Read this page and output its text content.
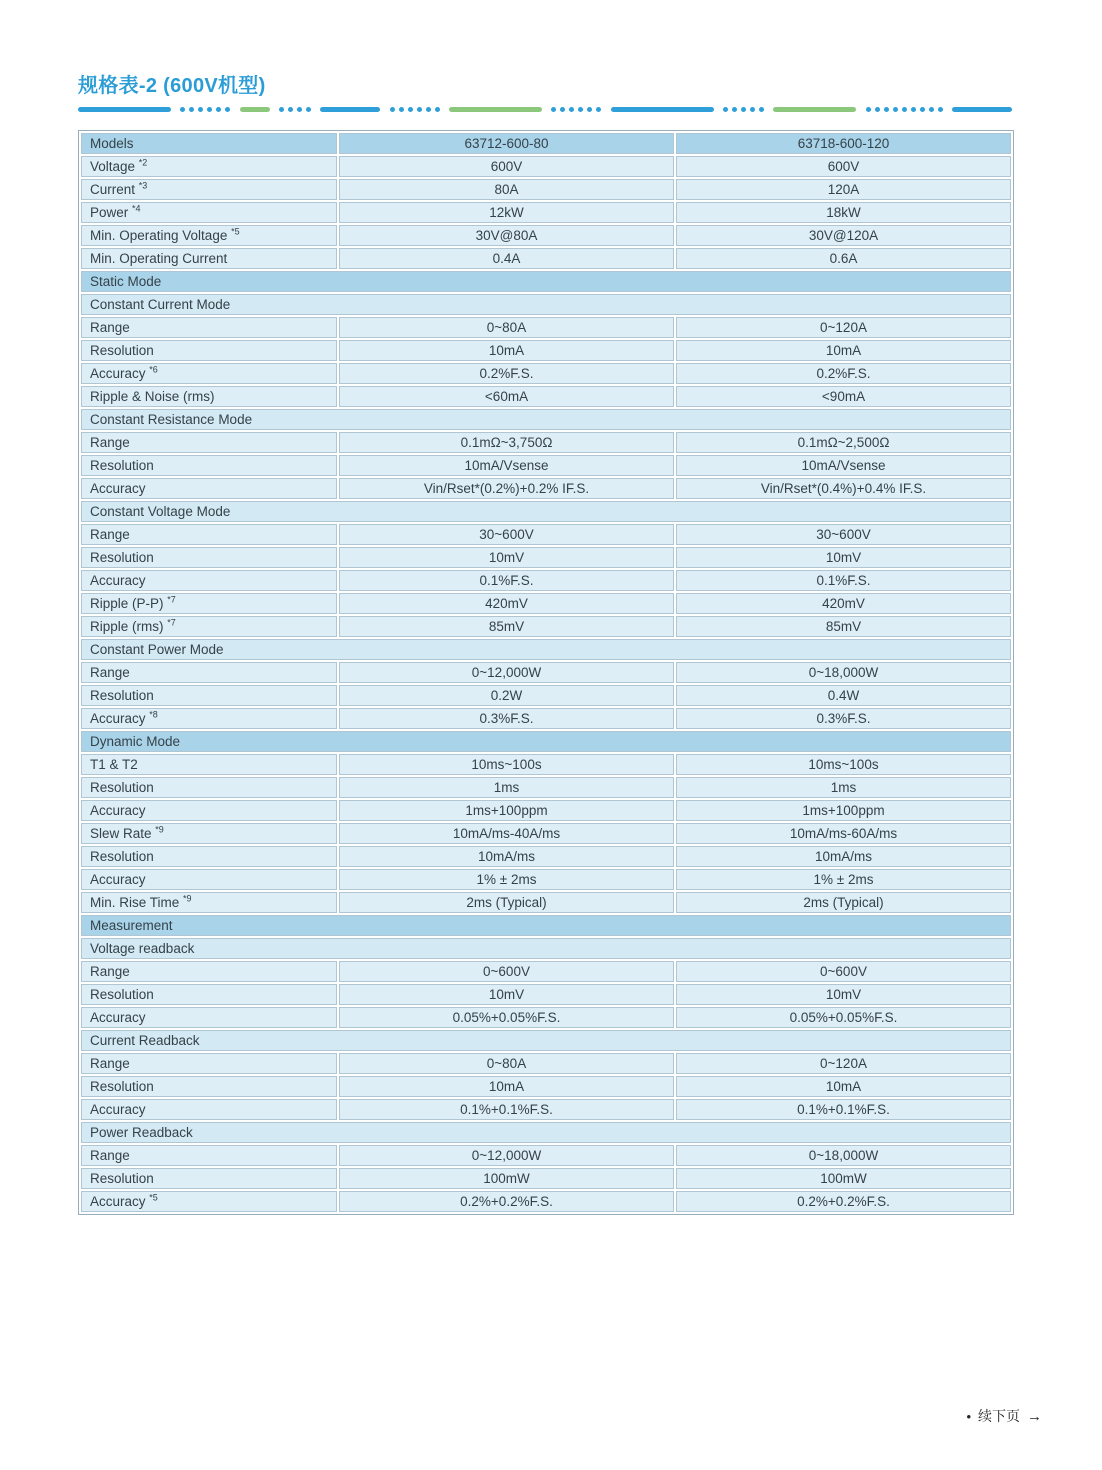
规格表-2 (600V机型)
Models	63712-600-80	63718-600-120
Voltage $^{*2}$	600V	600V
Current $^{*3}$	80A	120A
Power $^{*4}$	12kW	18kW
Min. Operating Voltage $^{*5}$	30V@80A	30V@120A
Min. Operating Current	0.4A	0.6A
Static Mode		
Constant Current Mode		
Range	0~80A	0~120A
Resolution	10mA	10mA
Accuracy $^{*6}$	0.2%F.S.	0.2%F.S.
Ripple & Noise (rms)	<60mA	<90mA
Constant Resistance Mode		
Range	0.1mΩ~3,750Ω	0.1mΩ~2,500Ω
Resolution	10mA/Vsense	10mA/Vsense
Accuracy	Vin/Rset*(0.2%)+0.2% IF.S.	Vin/Rset*(0.4%)+0.4% IF.S.
Constant Voltage Mode		
Range	30~600V	30~600V
Resolution	10mV	10mV
Accuracy	0.1%F.S.	0.1%F.S.
Ripple (P-P) $^{*7}$	420mV	420mV
Ripple (rms) $^{*7}$	85mV	85mV
Constant Power Mode		
Range	0~12,000W	0~18,000W
Resolution	0.2W	0.4W
Accuracy $^{*8}$	0.3%F.S.	0.3%F.S.
Dynamic Mode		
T1 & T2	10ms~100s	10ms~100s
Resolution	1ms	1ms
Accuracy	1ms+100ppm	1ms+100ppm
Slew Rate $^{*9}$	10mA/ms-40A/ms	10mA/ms-60A/ms
Resolution	10mA/ms	10mA/ms
Accuracy	1% ± 2ms	1% ± 2ms
Min. Rise Time $^{*9}$	2ms (Typical)	2ms (Typical)
Measurement		
Voltage readback		
Range	0~600V	0~600V
Resolution	10mV	10mV
Accuracy	0.05%+0.05%F.S.	0.05%+0.05%F.S.
Current Readback		
Range	0~80A	0~120A
Resolution	10mA	10mA
Accuracy	0.1%+0.1%F.S.	0.1%+0.1%F.S.
Power Readback		
Range	0~12,000W	0~18,000W
Resolution	100mW	100mW
Accuracy $^{*5}$	0.2%+0.2%F.S.	0.2%+0.2%F.S.
• 续下页 →
